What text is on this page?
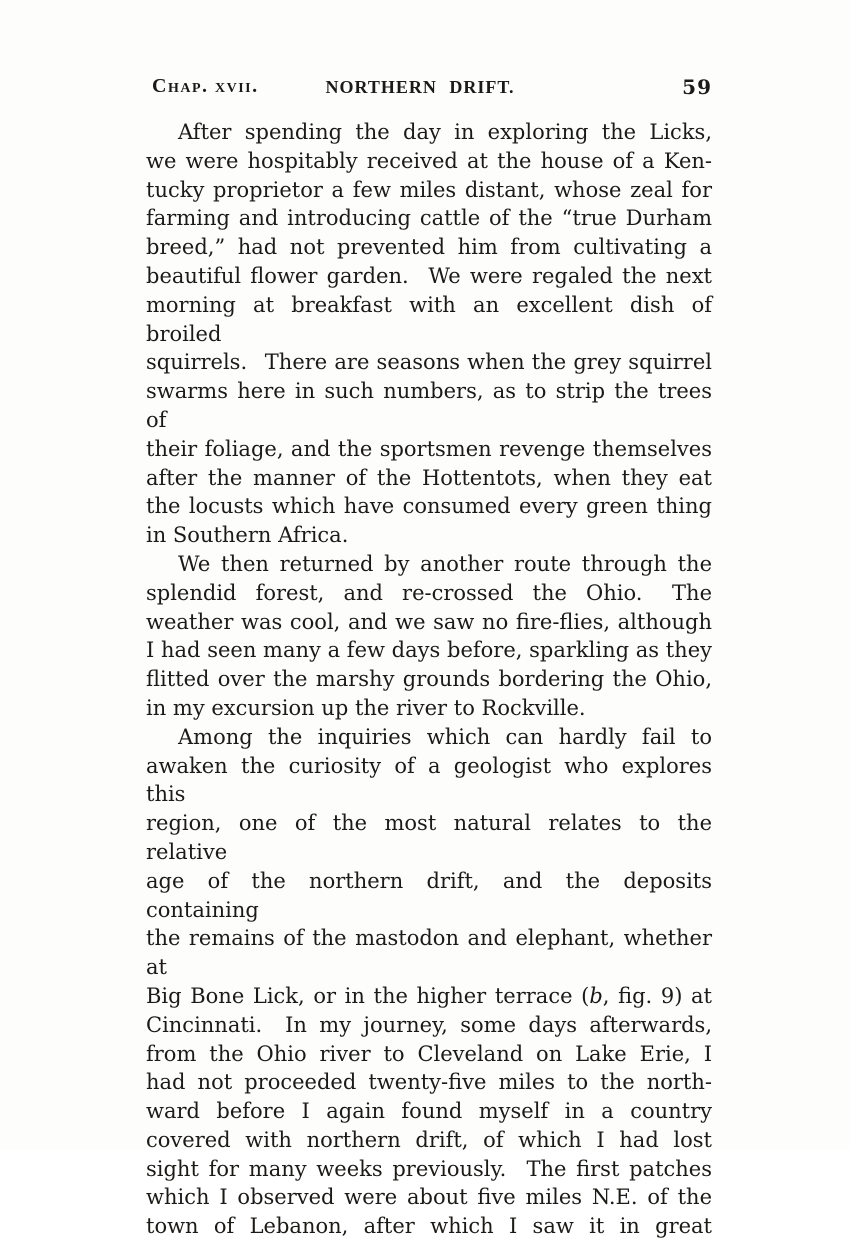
Chap. xvii.	NORTHERN DRIFT.	59
After spending the day in exploring the Licks,
we were hospitably received at the house of a Ken-
tucky proprietor a few miles distant, whose zeal for
farming and introducing cattle of the “true Durham
breed,” had not prevented him from cultivating a
beautiful flower garden.  We were regaled the next
morning at breakfast with an excellent dish of broiled
squirrels.  There are seasons when the grey squirrel
swarms here in such numbers, as to strip the trees of
their foliage, and the sportsmen revenge themselves
after the manner of the Hottentots, when they eat
the locusts which have consumed every green thing
in Southern Africa.
We then returned by another route through the
splendid forest, and re-crossed the Ohio.  The
weather was cool, and we saw no fire-flies, although
I had seen many a few days before, sparkling as they
flitted over the marshy grounds bordering the Ohio,
in my excursion up the river to Rockville.
Among the inquiries which can hardly fail to
awaken the curiosity of a geologist who explores this
region, one of the most natural relates to the relative
age of the northern drift, and the deposits containing
the remains of the mastodon and elephant, whether at
Big Bone Lick, or in the higher terrace (b, fig. 9) at
Cincinnati.  In my journey, some days afterwards,
from the Ohio river to Cleveland on Lake Erie, I
had not proceeded twenty-five miles to the north-
ward before I again found myself in a country
covered with northern drift, of which I had lost
sight for many weeks previously.  The first patches
which I observed were about five miles N.E. of the
town of Lebanon, after which I saw it in great
